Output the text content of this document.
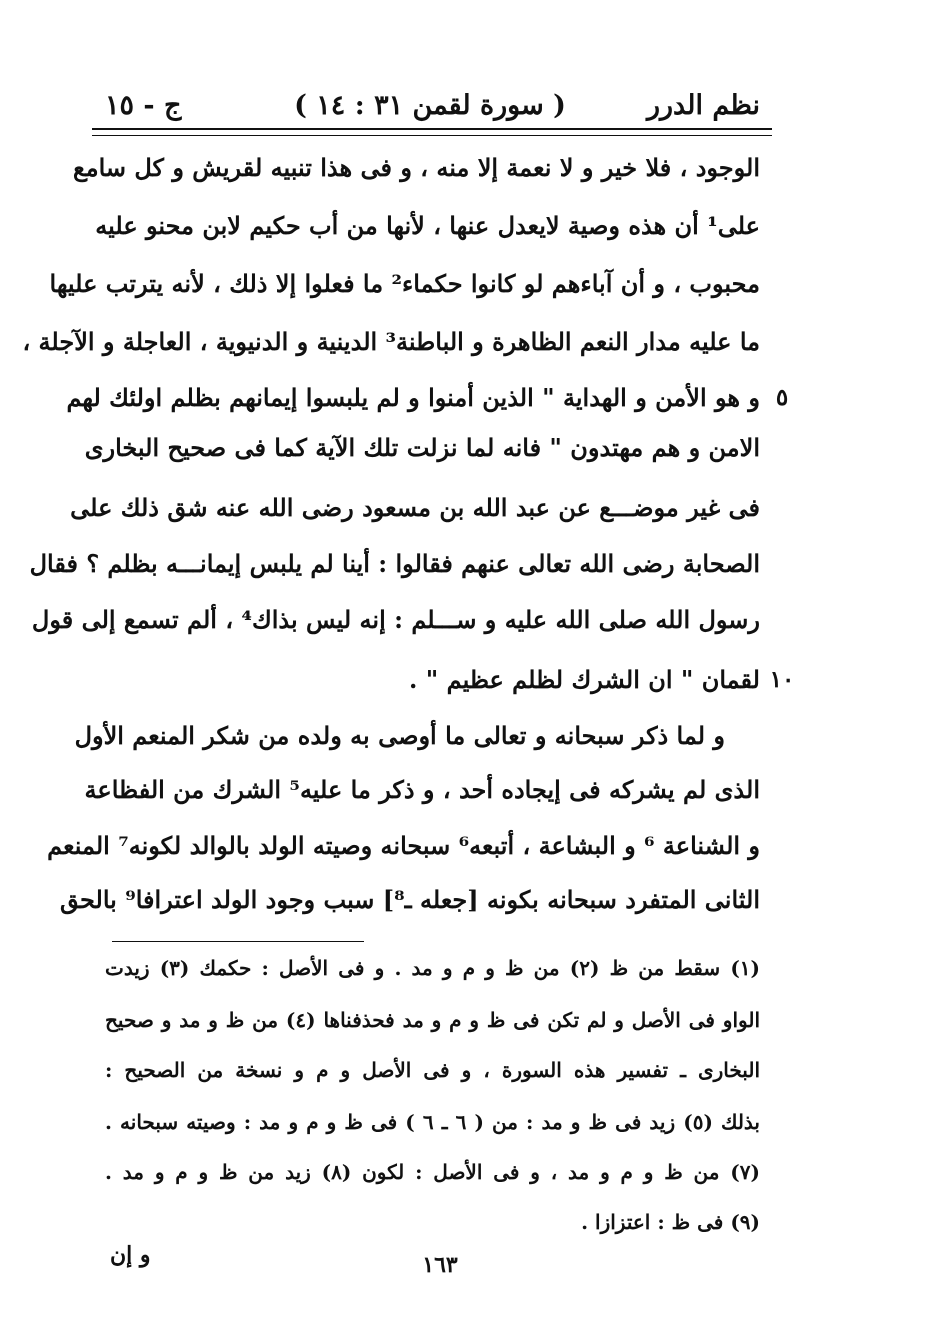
نظم الدرر
( سورة لقمن ٣١ : ١٤ )
ج - ١٥
الوجود ، فلا خير و لا نعمة إلا منه ، و فى هذا تنبيه لقريش و كل سامع
على¹ أن هذه وصية لايعدل عنها ، لأنها من أب حكيم لابن محنو عليه
محبوب ، و أن آباءهم لو كانوا حكماء² ما فعلوا إلا ذلك ، لأنه يترتب عليها
ما عليه مدار النعم الظاهرة و الباطنة³ الدينية و الدنيوية ، العاجلة و الآجلة ،
٥
و هو الأمن و الهداية " الذين أمنوا و لم يلبسوا إيمانهم بظلم اولئك لهم
الامن و هم مهتدون " فانه لما نزلت تلك الآية كما فى صحيح البخارى
فى غير موضـــع عن عبد الله بن مسعود رضى الله عنه شق ذلك على
الصحابة رضى الله تعالى عنهم فقالوا : أينا لم يلبس إيمانـــه بظلم ؟ فقال
رسول الله صلى الله عليه و ســـلم : إنه ليس بذاك⁴ ، ألم تسمع إلى قول
١٠
لقمان " ان الشرك لظلم عظيم " .
و لما ذكر سبحانه و تعالى ما أوصى به ولده من شكر المنعم الأول
الذى لم يشركه فى إيجاده أحد ، و ذكر ما عليه⁵ الشرك من الفظاعة
و الشناعة ⁶ و البشاعة ، أتبعه⁶ سبحانه وصيته الولد بالوالد لكونه⁷ المنعم
الثانى المتفرد سبحانه بكونه [جعله ـ⁸] سبب وجود الولد اعترافا⁹ بالحق
(١) سقط من ظ (٢) من ظ و م و مد . و فى الأصل : حكمك (٣) زيدت
الواو فى الأصل و لم تكن فى ظ و م و مد فحذفناها (٤) من ظ و مد و صحيح
البخارى ـ تفسير هذه السورة ، و فى الأصل و م و نسخة من الصحيح :
بذلك (٥) زيد فى ظ و مد : من ( ٦ ـ ٦ ) فى ظ و م و مد : وصيته سبحانه .
(٧) من ظ و م و مد ، و فى الأصل : لكون (٨) زيد من ظ و م و مد .
(٩) فى ظ : اعتزازا .
و إن	١٦٣
